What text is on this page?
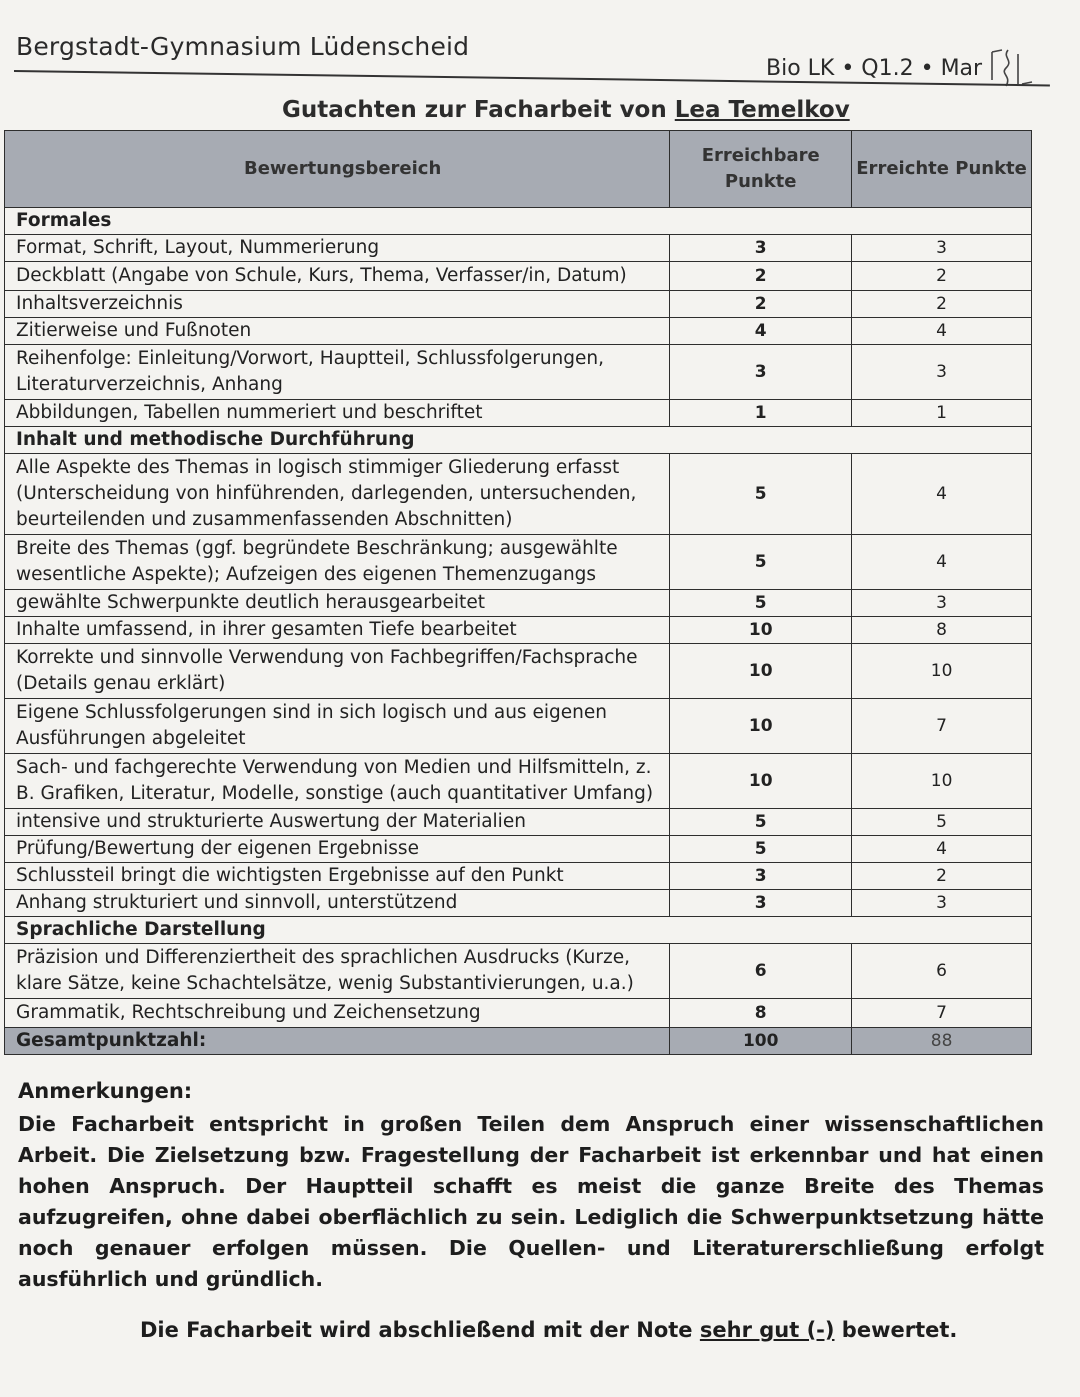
Bergstadt-Gymnasium Lüdenscheid
Bio LK • Q1.2 • Mar
Gutachten zur Facharbeit von Lea Temelkov
Bewertungsbereich	Erreichbare Punkte	Erreichte Punkte
Formales		
Format, Schrift, Layout, Nummerierung	3	3
Deckblatt (Angabe von Schule, Kurs, Thema, Verfasser/in, Datum)	2	2
Inhaltsverzeichnis	2	2
Zitierweise und Fußnoten	4	4
Reihenfolge: Einleitung/Vorwort, Hauptteil, Schlussfolgerungen, Literaturverzeichnis, Anhang	3	3
Abbildungen, Tabellen nummeriert und beschriftet	1	1
Inhalt und methodische Durchführung		
Alle Aspekte des Themas in logisch stimmiger Gliederung erfasst (Unterscheidung von hinführenden, darlegenden, untersuchenden, beurteilenden und zusammenfassenden Abschnitten)	5	4
Breite des Themas (ggf. begründete Beschränkung; ausgewählte wesentliche Aspekte); Aufzeigen des eigenen Themenzugangs	5	4
gewählte Schwerpunkte deutlich herausgearbeitet	5	3
Inhalte umfassend, in ihrer gesamten Tiefe bearbeitet	10	8
Korrekte und sinnvolle Verwendung von Fachbegriffen/Fachsprache (Details genau erklärt)	10	10
Eigene Schlussfolgerungen sind in sich logisch und aus eigenen Ausführungen abgeleitet	10	7
Sach- und fachgerechte Verwendung von Medien und Hilfsmitteln, z. B. Grafiken, Literatur, Modelle, sonstige (auch quantitativer Umfang)	10	10
intensive und strukturierte Auswertung der Materialien	5	5
Prüfung/Bewertung der eigenen Ergebnisse	5	4
Schlussteil bringt die wichtigsten Ergebnisse auf den Punkt	3	2
Anhang strukturiert und sinnvoll, unterstützend	3	3
Sprachliche Darstellung		
Präzision und Differenziertheit des sprachlichen Ausdrucks (Kurze, klare Sätze, keine Schachtelsätze, wenig Substantivierungen, u.a.)	6	6
Grammatik, Rechtschreibung und Zeichensetzung	8	7
Gesamtpunktzahl:	100	88
Anmerkungen:
Die Facharbeit entspricht in großen Teilen dem Anspruch einer wissenschaftlichen Arbeit. Die Zielsetzung bzw. Fragestellung der Facharbeit ist erkennbar und hat einen hohen Anspruch. Der Hauptteil schafft es meist die ganze Breite des Themas aufzugreifen, ohne dabei oberflächlich zu sein. Lediglich die Schwerpunktsetzung hätte noch genauer erfolgen müssen. Die Quellen- und Literaturerschließung erfolgt ausführlich und gründlich.
Die Facharbeit wird abschließend mit der Note sehr gut (-) bewertet.
